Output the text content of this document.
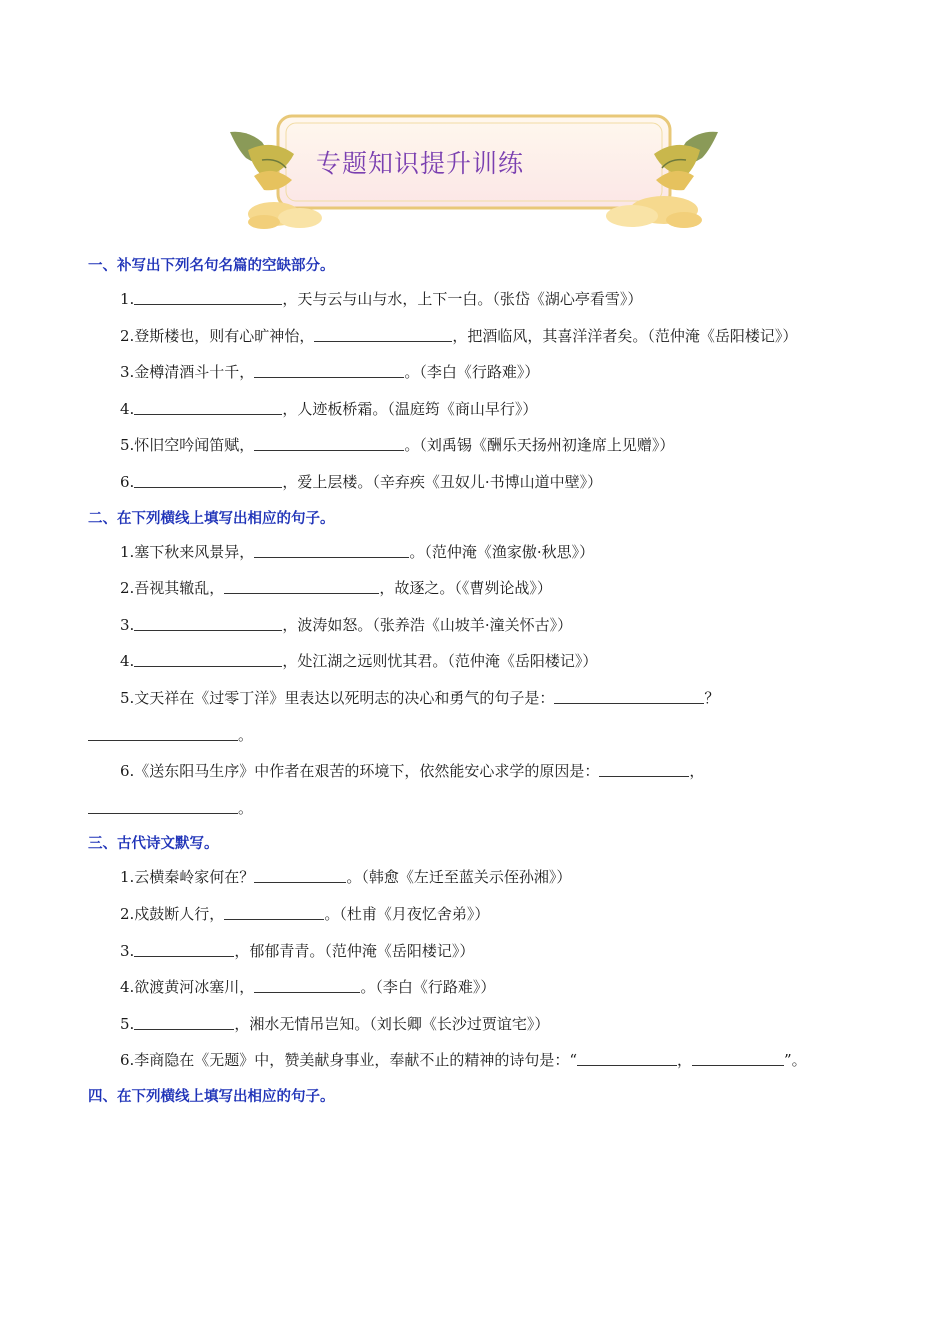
专题知识提升训练
一、补写出下列名句名篇的空缺部分。

1.	，天与云与山与水，上下一白。（张岱《湖心亭看雪》）

2.登斯楼也，则有心旷神怡，	，把酒临风，其喜洋洋者矣。（范仲淹《岳阳楼记》）

3.金樽清酒斗十千，	。（李白《行路难》）

4.	，人迹板桥霜。（温庭筠《商山早行》）

5.怀旧空吟闻笛赋，	。（刘禹锡《酬乐天扬州初逢席上见赠》）

6.	，爱上层楼。（辛弃疾《丑奴儿·书博山道中壁》）

二、在下列横线上填写出相应的句子。

1.塞下秋来风景异，	。（范仲淹《渔家傲·秋思》）

2.吾视其辙乱，	，故逐之。（《曹刿论战》）

3.	，波涛如怒。（张养浩《山坡羊·潼关怀古》）

4.	，处江湖之远则忧其君。（范仲淹《岳阳楼记》）

5.文天祥在《过零丁洋》里表达以死明志的决心和勇气的句子是：	？。

6.《送东阳马生序》中作者在艰苦的环境下，依然能安心求学的原因是：	，。

三、古代诗文默写。

1.云横秦岭家何在？	。（韩愈《左迁至蓝关示侄孙湘》）

2.戍鼓断人行，	。（杜甫《月夜忆舍弟》）

3.	，郁郁青青。（范仲淹《岳阳楼记》）

4.欲渡黄河冰塞川，	。（李白《行路难》）

5.	，湘水无情吊岂知。（刘长卿《长沙过贾谊宅》）

6.李商隐在《无题》中，赞美献身事业，奉献不止的精神的诗句是：“	，	”。

四、在下列横线上填写出相应的句子。
